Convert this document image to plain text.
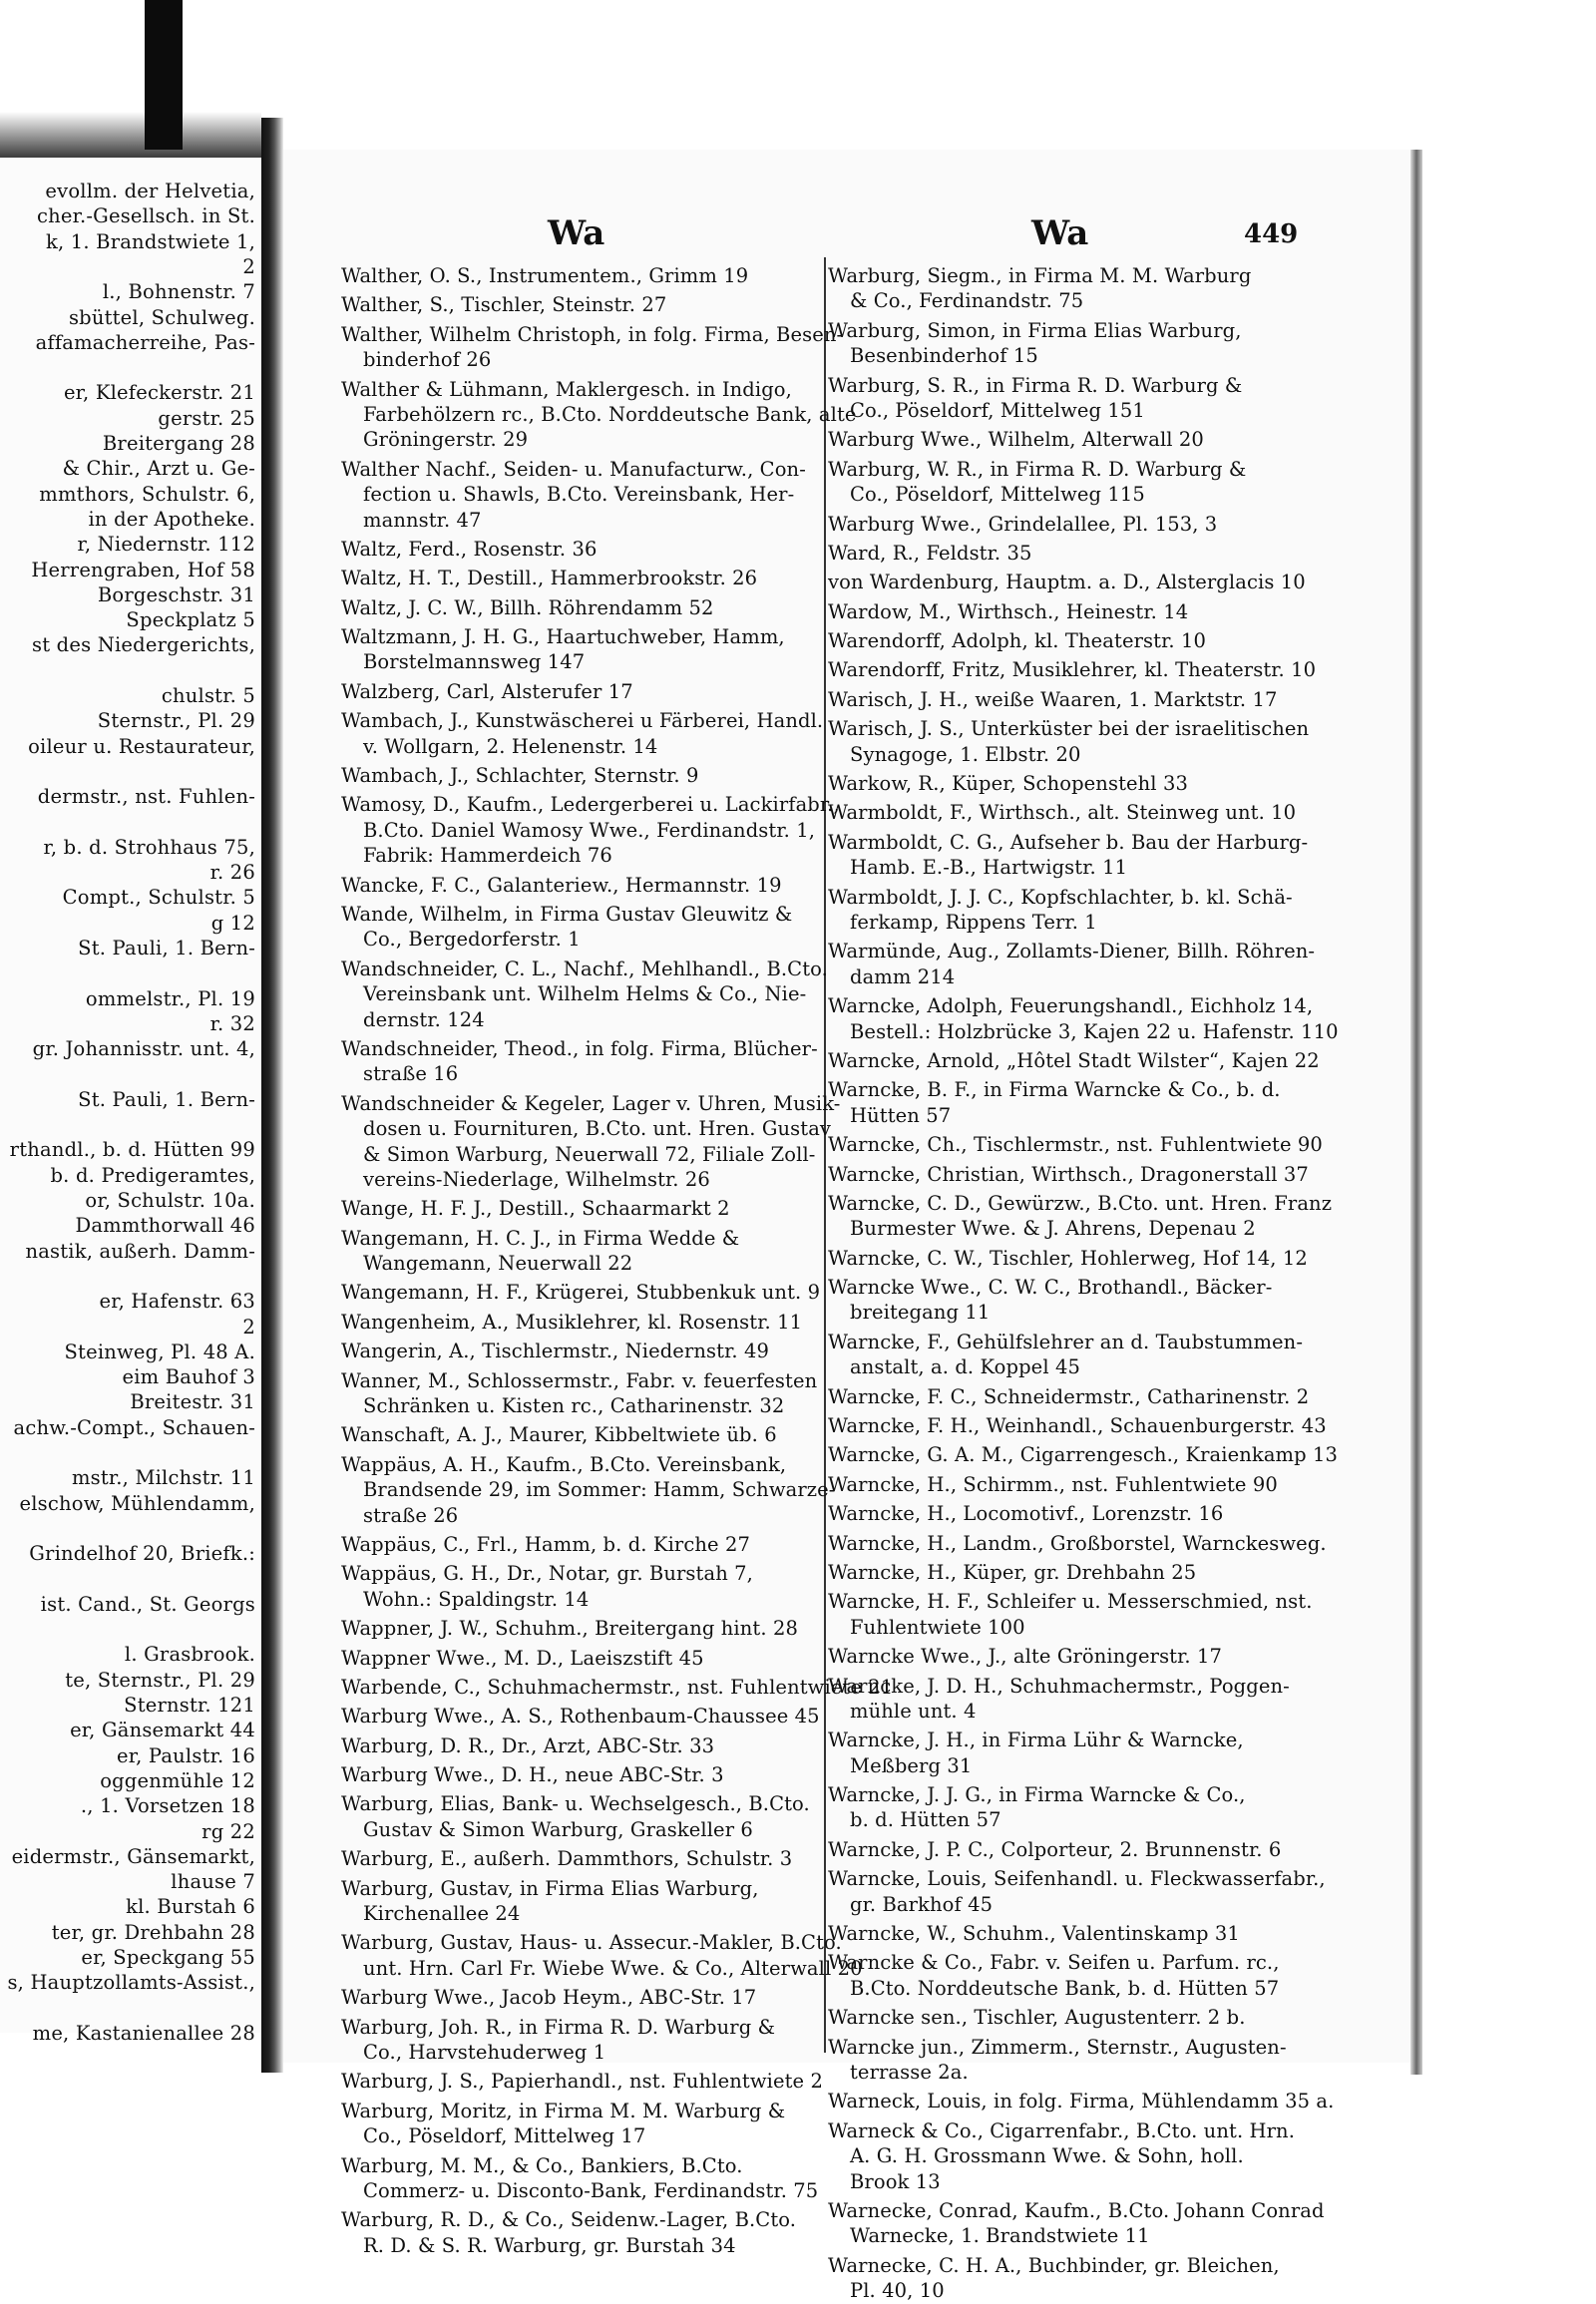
evollm. der Helvetia,
cher.-Gesellsch. in St.
k, 1. Brandstwiete 1,
2
l., Bohnenstr. 7
sbüttel, Schulweg.
affamacherreihe, Pas-
er, Klefeckerstr. 21
gerstr. 25
Breitergang 28
& Chir., Arzt u. Ge-
mmthors, Schulstr. 6,
in der Apotheke.
r, Niedernstr. 112
Herrengraben, Hof 58
Borgeschstr. 31
Speckplatz 5
st des Niedergerichts,
chulstr. 5
Sternstr., Pl. 29
oileur u. Restaurateur,
dermstr., nst. Fuhlen-
r, b. d. Strohhaus 75,
r. 26
Compt., Schulstr. 5
g 12
St. Pauli, 1. Bern-
ommelstr., Pl. 19
r. 32
gr. Johannisstr. unt. 4,
St. Pauli, 1. Bern-
rthandl., b. d. Hütten 99
b. d. Predigeramtes,
or, Schulstr. 10a.
Dammthorwall 46
nastik, außerh. Damm-
er, Hafenstr. 63
2
Steinweg, Pl. 48 A.
eim Bauhof 3
Breitestr. 31
achw.-Compt., Schauen-
mstr., Milchstr. 11
elschow, Mühlendamm,
Grindelhof 20, Briefk.:
ist. Cand., St. Georgs
l. Grasbrook.
te, Sternstr., Pl. 29
Sternstr. 121
er, Gänsemarkt 44
er, Paulstr. 16
oggenmühle 12
., 1. Vorsetzen 18
rg 22
eidermstr., Gänsemarkt,
lhause 7
kl. Burstah 6
ter, gr. Drehbahn 28
er, Speckgang 55
s, Hauptzollamts-Assist.,
me, Kastanienallee 28
Wa	Wa	449
Walther, O. S., Instrumentem., Grimm 19
Walther, S., Tischler, Steinstr. 27
Walther, Wilhelm Christoph, in folg. Firma, Besen-
binderhof 26
Walther & Lühmann, Maklergesch. in Indigo,
Farbehölzern rc., B.Cto. Norddeutsche Bank, alte
Gröningerstr. 29
Walther Nachf., Seiden- u. Manufacturw., Con-
fection u. Shawls, B.Cto. Vereinsbank, Her-
mannstr. 47
Waltz, Ferd., Rosenstr. 36
Waltz, H. T., Destill., Hammerbrookstr. 26
Waltz, J. C. W., Billh. Röhrendamm 52
Waltzmann, J. H. G., Haartuchweber, Hamm,
Borstelmannsweg 147
Walzberg, Carl, Alsterufer 17
Wambach, J., Kunstwäscherei u Färberei, Handl.
v. Wollgarn, 2. Helenenstr. 14
Wambach, J., Schlachter, Sternstr. 9
Wamosy, D., Kaufm., Ledergerberei u. Lackirfabr.,
B.Cto. Daniel Wamosy Wwe., Ferdinandstr. 1,
Fabrik: Hammerdeich 76
Wancke, F. C., Galanteriew., Hermannstr. 19
Wande, Wilhelm, in Firma Gustav Gleuwitz &
Co., Bergedorferstr. 1
Wandschneider, C. L., Nachf., Mehlhandl., B.Cto.
Vereinsbank unt. Wilhelm Helms & Co., Nie-
dernstr. 124
Wandschneider, Theod., in folg. Firma, Blücher-
straße 16
Wandschneider & Kegeler, Lager v. Uhren, Musik-
dosen u. Fournituren, B.Cto. unt. Hren. Gustav
& Simon Warburg, Neuerwall 72, Filiale Zoll-
vereins-Niederlage, Wilhelmstr. 26
Wange, H. F. J., Destill., Schaarmarkt 2
Wangemann, H. C. J., in Firma Wedde &
Wangemann, Neuerwall 22
Wangemann, H. F., Krügerei, Stubbenkuk unt. 9
Wangenheim, A., Musiklehrer, kl. Rosenstr. 11
Wangerin, A., Tischlermstr., Niedernstr. 49
Wanner, M., Schlossermstr., Fabr. v. feuerfesten
Schränken u. Kisten rc., Catharinenstr. 32
Wanschaft, A. J., Maurer, Kibbeltwiete üb. 6
Wappäus, A. H., Kaufm., B.Cto. Vereinsbank,
Brandsende 29, im Sommer: Hamm, Schwarze-
straße 26
Wappäus, C., Frl., Hamm, b. d. Kirche 27
Wappäus, G. H., Dr., Notar, gr. Burstah 7,
Wohn.: Spaldingstr. 14
Wappner, J. W., Schuhm., Breitergang hint. 28
Wappner Wwe., M. D., Laeiszstift 45
Warbende, C., Schuhmachermstr., nst. Fuhlentwiete 21
Warburg Wwe., A. S., Rothenbaum-Chaussee 45
Warburg, D. R., Dr., Arzt, ABC-Str. 33
Warburg Wwe., D. H., neue ABC-Str. 3
Warburg, Elias, Bank- u. Wechselgesch., B.Cto.
Gustav & Simon Warburg, Graskeller 6
Warburg, E., außerh. Dammthors, Schulstr. 3
Warburg, Gustav, in Firma Elias Warburg,
Kirchenallee 24
Warburg, Gustav, Haus- u. Assecur.-Makler, B.Cto.
unt. Hrn. Carl Fr. Wiebe Wwe. & Co., Alterwall 20
Warburg Wwe., Jacob Heym., ABC-Str. 17
Warburg, Joh. R., in Firma R. D. Warburg &
Co., Harvstehuderweg 1
Warburg, J. S., Papierhandl., nst. Fuhlentwiete 2
Warburg, Moritz, in Firma M. M. Warburg &
Co., Pöseldorf, Mittelweg 17
Warburg, M. M., & Co., Bankiers, B.Cto.
Commerz- u. Disconto-Bank, Ferdinandstr. 75
Warburg, R. D., & Co., Seidenw.-Lager, B.Cto.
R. D. & S. R. Warburg, gr. Burstah 34
Warburg, Siegm., in Firma M. M. Warburg
& Co., Ferdinandstr. 75
Warburg, Simon, in Firma Elias Warburg,
Besenbinderhof 15
Warburg, S. R., in Firma R. D. Warburg &
Co., Pöseldorf, Mittelweg 151
Warburg Wwe., Wilhelm, Alterwall 20
Warburg, W. R., in Firma R. D. Warburg &
Co., Pöseldorf, Mittelweg 115
Warburg Wwe., Grindelallee, Pl. 153, 3
Ward, R., Feldstr. 35
von Wardenburg, Hauptm. a. D., Alsterglacis 10
Wardow, M., Wirthsch., Heinestr. 14
Warendorff, Adolph, kl. Theaterstr. 10
Warendorff, Fritz, Musiklehrer, kl. Theaterstr. 10
Warisch, J. H., weiße Waaren, 1. Marktstr. 17
Warisch, J. S., Unterküster bei der israelitischen
Synagoge, 1. Elbstr. 20
Warkow, R., Küper, Schopenstehl 33
Warmboldt, F., Wirthsch., alt. Steinweg unt. 10
Warmboldt, C. G., Aufseher b. Bau der Harburg-
Hamb. E.-B., Hartwigstr. 11
Warmboldt, J. J. C., Kopfschlachter, b. kl. Schä-
ferkamp, Rippens Terr. 1
Warmünde, Aug., Zollamts-Diener, Billh. Röhren-
damm 214
Warncke, Adolph, Feuerungshandl., Eichholz 14,
Bestell.: Holzbrücke 3, Kajen 22 u. Hafenstr. 110
Warncke, Arnold, „Hôtel Stadt Wilster“, Kajen 22
Warncke, B. F., in Firma Warncke & Co., b. d.
Hütten 57
Warncke, Ch., Tischlermstr., nst. Fuhlentwiete 90
Warncke, Christian, Wirthsch., Dragonerstall 37
Warncke, C. D., Gewürzw., B.Cto. unt. Hren. Franz
Burmester Wwe. & J. Ahrens, Depenau 2
Warncke, C. W., Tischler, Hohlerweg, Hof 14, 12
Warncke Wwe., C. W. C., Brothandl., Bäcker-
breitegang 11
Warncke, F., Gehülfslehrer an d. Taubstummen-
anstalt, a. d. Koppel 45
Warncke, F. C., Schneidermstr., Catharinenstr. 2
Warncke, F. H., Weinhandl., Schauenburgerstr. 43
Warncke, G. A. M., Cigarrengesch., Kraienkamp 13
Warncke, H., Schirmm., nst. Fuhlentwiete 90
Warncke, H., Locomotivf., Lorenzstr. 16
Warncke, H., Landm., Großborstel, Warnckesweg.
Warncke, H., Küper, gr. Drehbahn 25
Warncke, H. F., Schleifer u. Messerschmied, nst.
Fuhlentwiete 100
Warncke Wwe., J., alte Gröningerstr. 17
Warncke, J. D. H., Schuhmachermstr., Poggen-
mühle unt. 4
Warncke, J. H., in Firma Lühr & Warncke,
Meßberg 31
Warncke, J. J. G., in Firma Warncke & Co.,
b. d. Hütten 57
Warncke, J. P. C., Colporteur, 2. Brunnenstr. 6
Warncke, Louis, Seifenhandl. u. Fleckwasserfabr.,
gr. Barkhof 45
Warncke, W., Schuhm., Valentinskamp 31
Warncke & Co., Fabr. v. Seifen u. Parfum. rc.,
B.Cto. Norddeutsche Bank, b. d. Hütten 57
Warncke sen., Tischler, Augustenterr. 2 b.
Warncke jun., Zimmerm., Sternstr., Augusten-
terrasse 2a.
Warneck, Louis, in folg. Firma, Mühlendamm 35 a.
Warneck & Co., Cigarrenfabr., B.Cto. unt. Hrn.
A. G. H. Grossmann Wwe. & Sohn, holl.
Brook 13
Warnecke, Conrad, Kaufm., B.Cto. Johann Conrad
Warnecke, 1. Brandstwiete 11
Warnecke, C. H. A., Buchbinder, gr. Bleichen,
Pl. 40, 10
